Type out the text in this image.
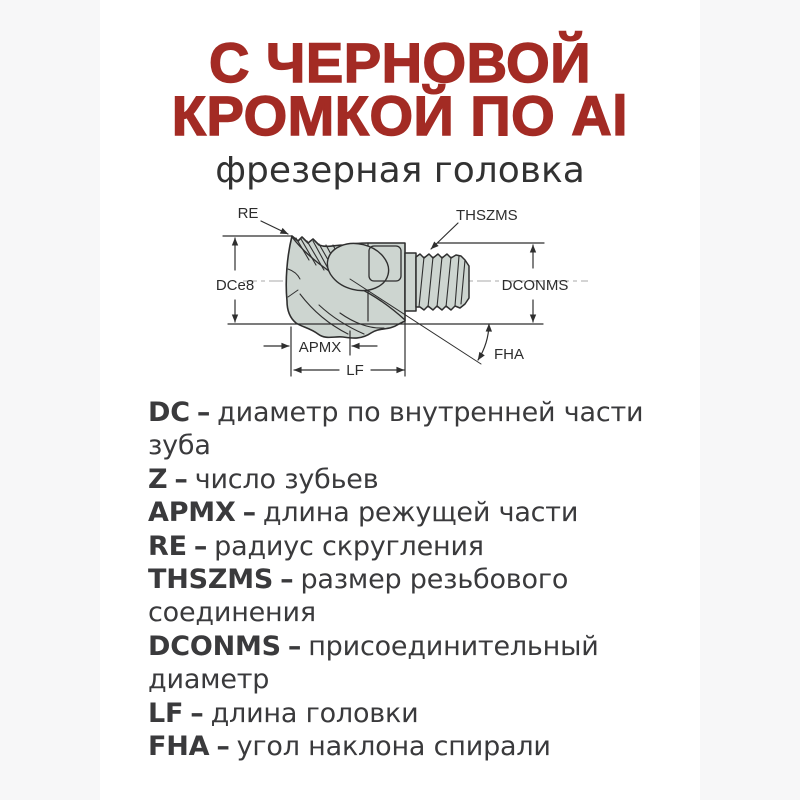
С ЧЕРНОВОЙ
КРОМКОЙ ПО Al
фрезерная головка
RE	THSZMS
DCe8	DCONMS
APMX
LF
FHA
DC – диаметр по внутренней части зуба
Z – число зубьев
APMX – длина режущей части
RE – радиус скругления
THSZMS – размер резьбового соединения
DCONMS – присоединительный диаметр
LF – длина головки
FHA – угол наклона спирали
